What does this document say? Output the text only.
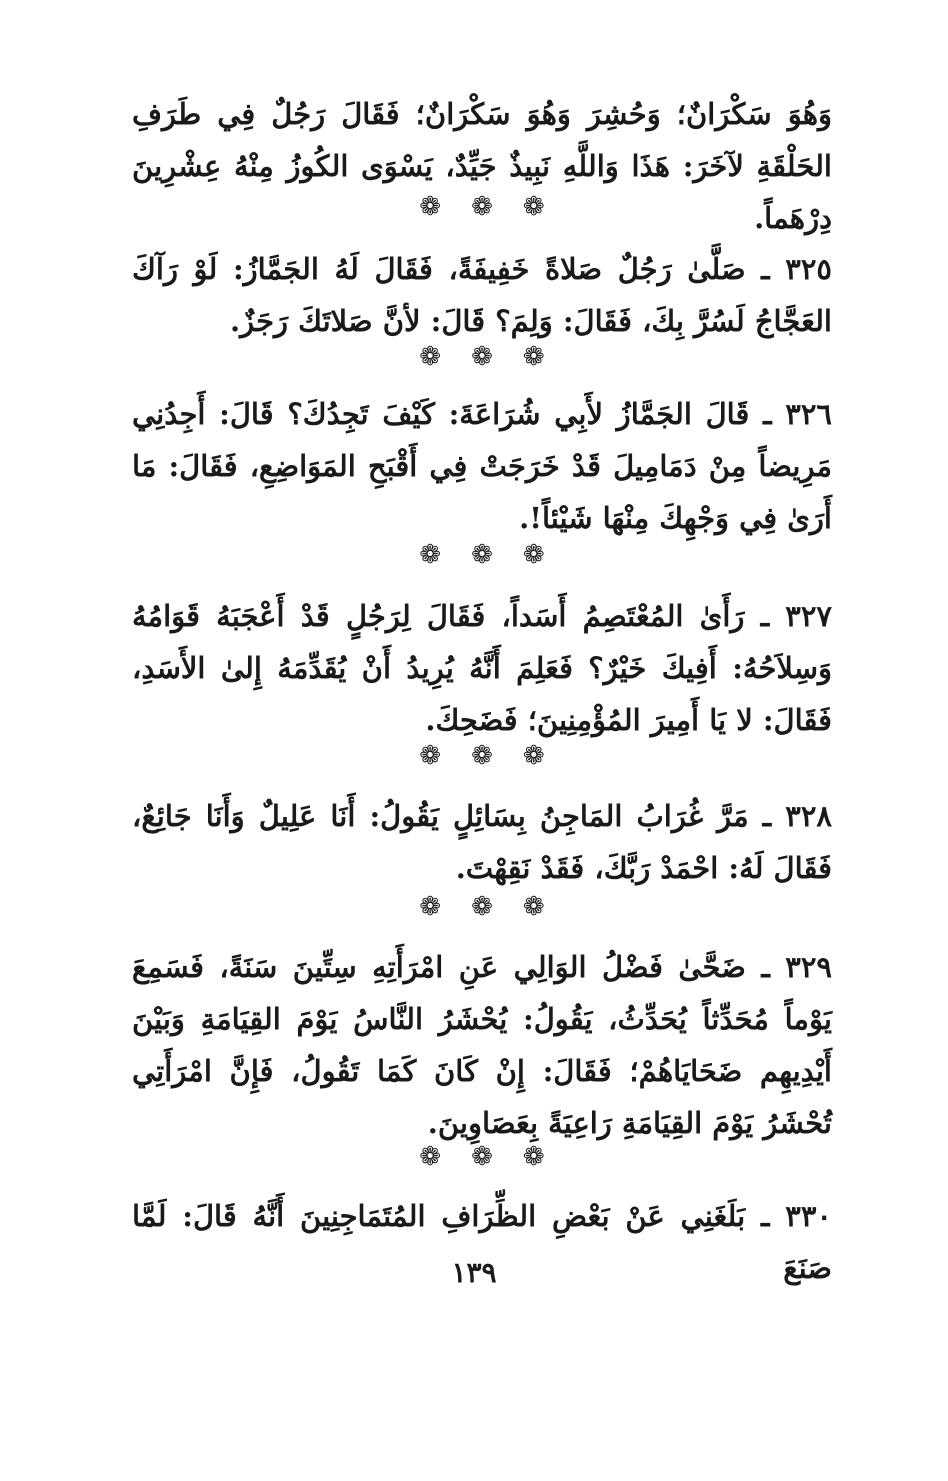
وَهُوَ سَكْرَانٌ؛ وَحُشِرَ وَهُوَ سَكْرَانٌ؛ فَقَالَ رَجُلٌ فِي طَرَفِ الحَلْقَةِ لآخَرَ: هَذَا وَاللَّهِ نَبِيذٌ جَيِّدٌ، يَسْوَى الكُوزُ مِنْهُ عِشْرِينَ دِرْهَماً.

❁ ❁ ❁

٣٢٥ ـ صَلَّىٰ رَجُلٌ صَلاةً خَفِيفَةً، فَقَالَ لَهُ الجَمَّازُ: لَوْ رَآكَ العَجَّاجُ لَسُرَّ بِكَ، فَقَالَ: وَلِمَ؟ قَالَ: لأنَّ صَلاتَكَ رَجَزٌ.

❁ ❁ ❁

٣٢٦ ـ قَالَ الجَمَّازُ لأَبِي شُرَاعَةَ: كَيْفَ تَجِدُكَ؟ قَالَ: أَجِدُنِي مَرِيضاً مِنْ دَمَامِيلَ قَدْ خَرَجَتْ فِي أَقْبَحِ المَوَاضِعِ، فَقَالَ: مَا أَرَىٰ فِي وَجْهِكَ مِنْهَا شَيْئاً!.

❁ ❁ ❁

٣٢٧ ـ رَأَىٰ المُعْتَصِمُ أَسَداً، فَقَالَ لِرَجُلٍ قَدْ أَعْجَبَهُ قَوَامُهُ وَسِلاَحُهُ: أَفِيكَ خَيْرٌ؟ فَعَلِمَ أَنَّهُ يُرِيدُ أَنْ يُقَدِّمَهُ إِلىٰ الأَسَدِ، فَقَالَ: لا يَا أَمِيرَ المُؤْمِنِينَ؛ فَضَحِكَ.

❁ ❁ ❁

٣٢٨ ـ مَرَّ غُرَابُ المَاجِنُ بِسَائِلٍ يَقُولُ: أَنَا عَلِيلٌ وَأَنَا جَائِعٌ، فَقَالَ لَهُ: احْمَدْ رَبَّكَ، فَقَدْ نَقِهْتَ.

❁ ❁ ❁

٣٢٩ ـ ضَحَّىٰ فَضْلُ الوَالِي عَنِ امْرَأَتِهِ سِتِّينَ سَنَةً، فَسَمِعَ يَوْماً مُحَدِّثاً يُحَدِّثُ، يَقُولُ: يُحْشَرُ النَّاسُ يَوْمَ القِيَامَةِ وَبَيْنَ أَيْدِيهِم ضَحَايَاهُمْ؛ فَقَالَ: إِنْ كَانَ كَمَا تَقُولُ، فَإِنَّ امْرَأَتِي تُحْشَرُ يَوْمَ القِيَامَةِ رَاعِيَةً بِعَصَاوِينَ.

❁ ❁ ❁

٣٣٠ ـ بَلَغَنِي عَنْ بَعْضِ الظِّرَافِ المُتَمَاجِنِينَ أَنَّهُ قَالَ: لَمَّا صَنَعَ

١٣٩
